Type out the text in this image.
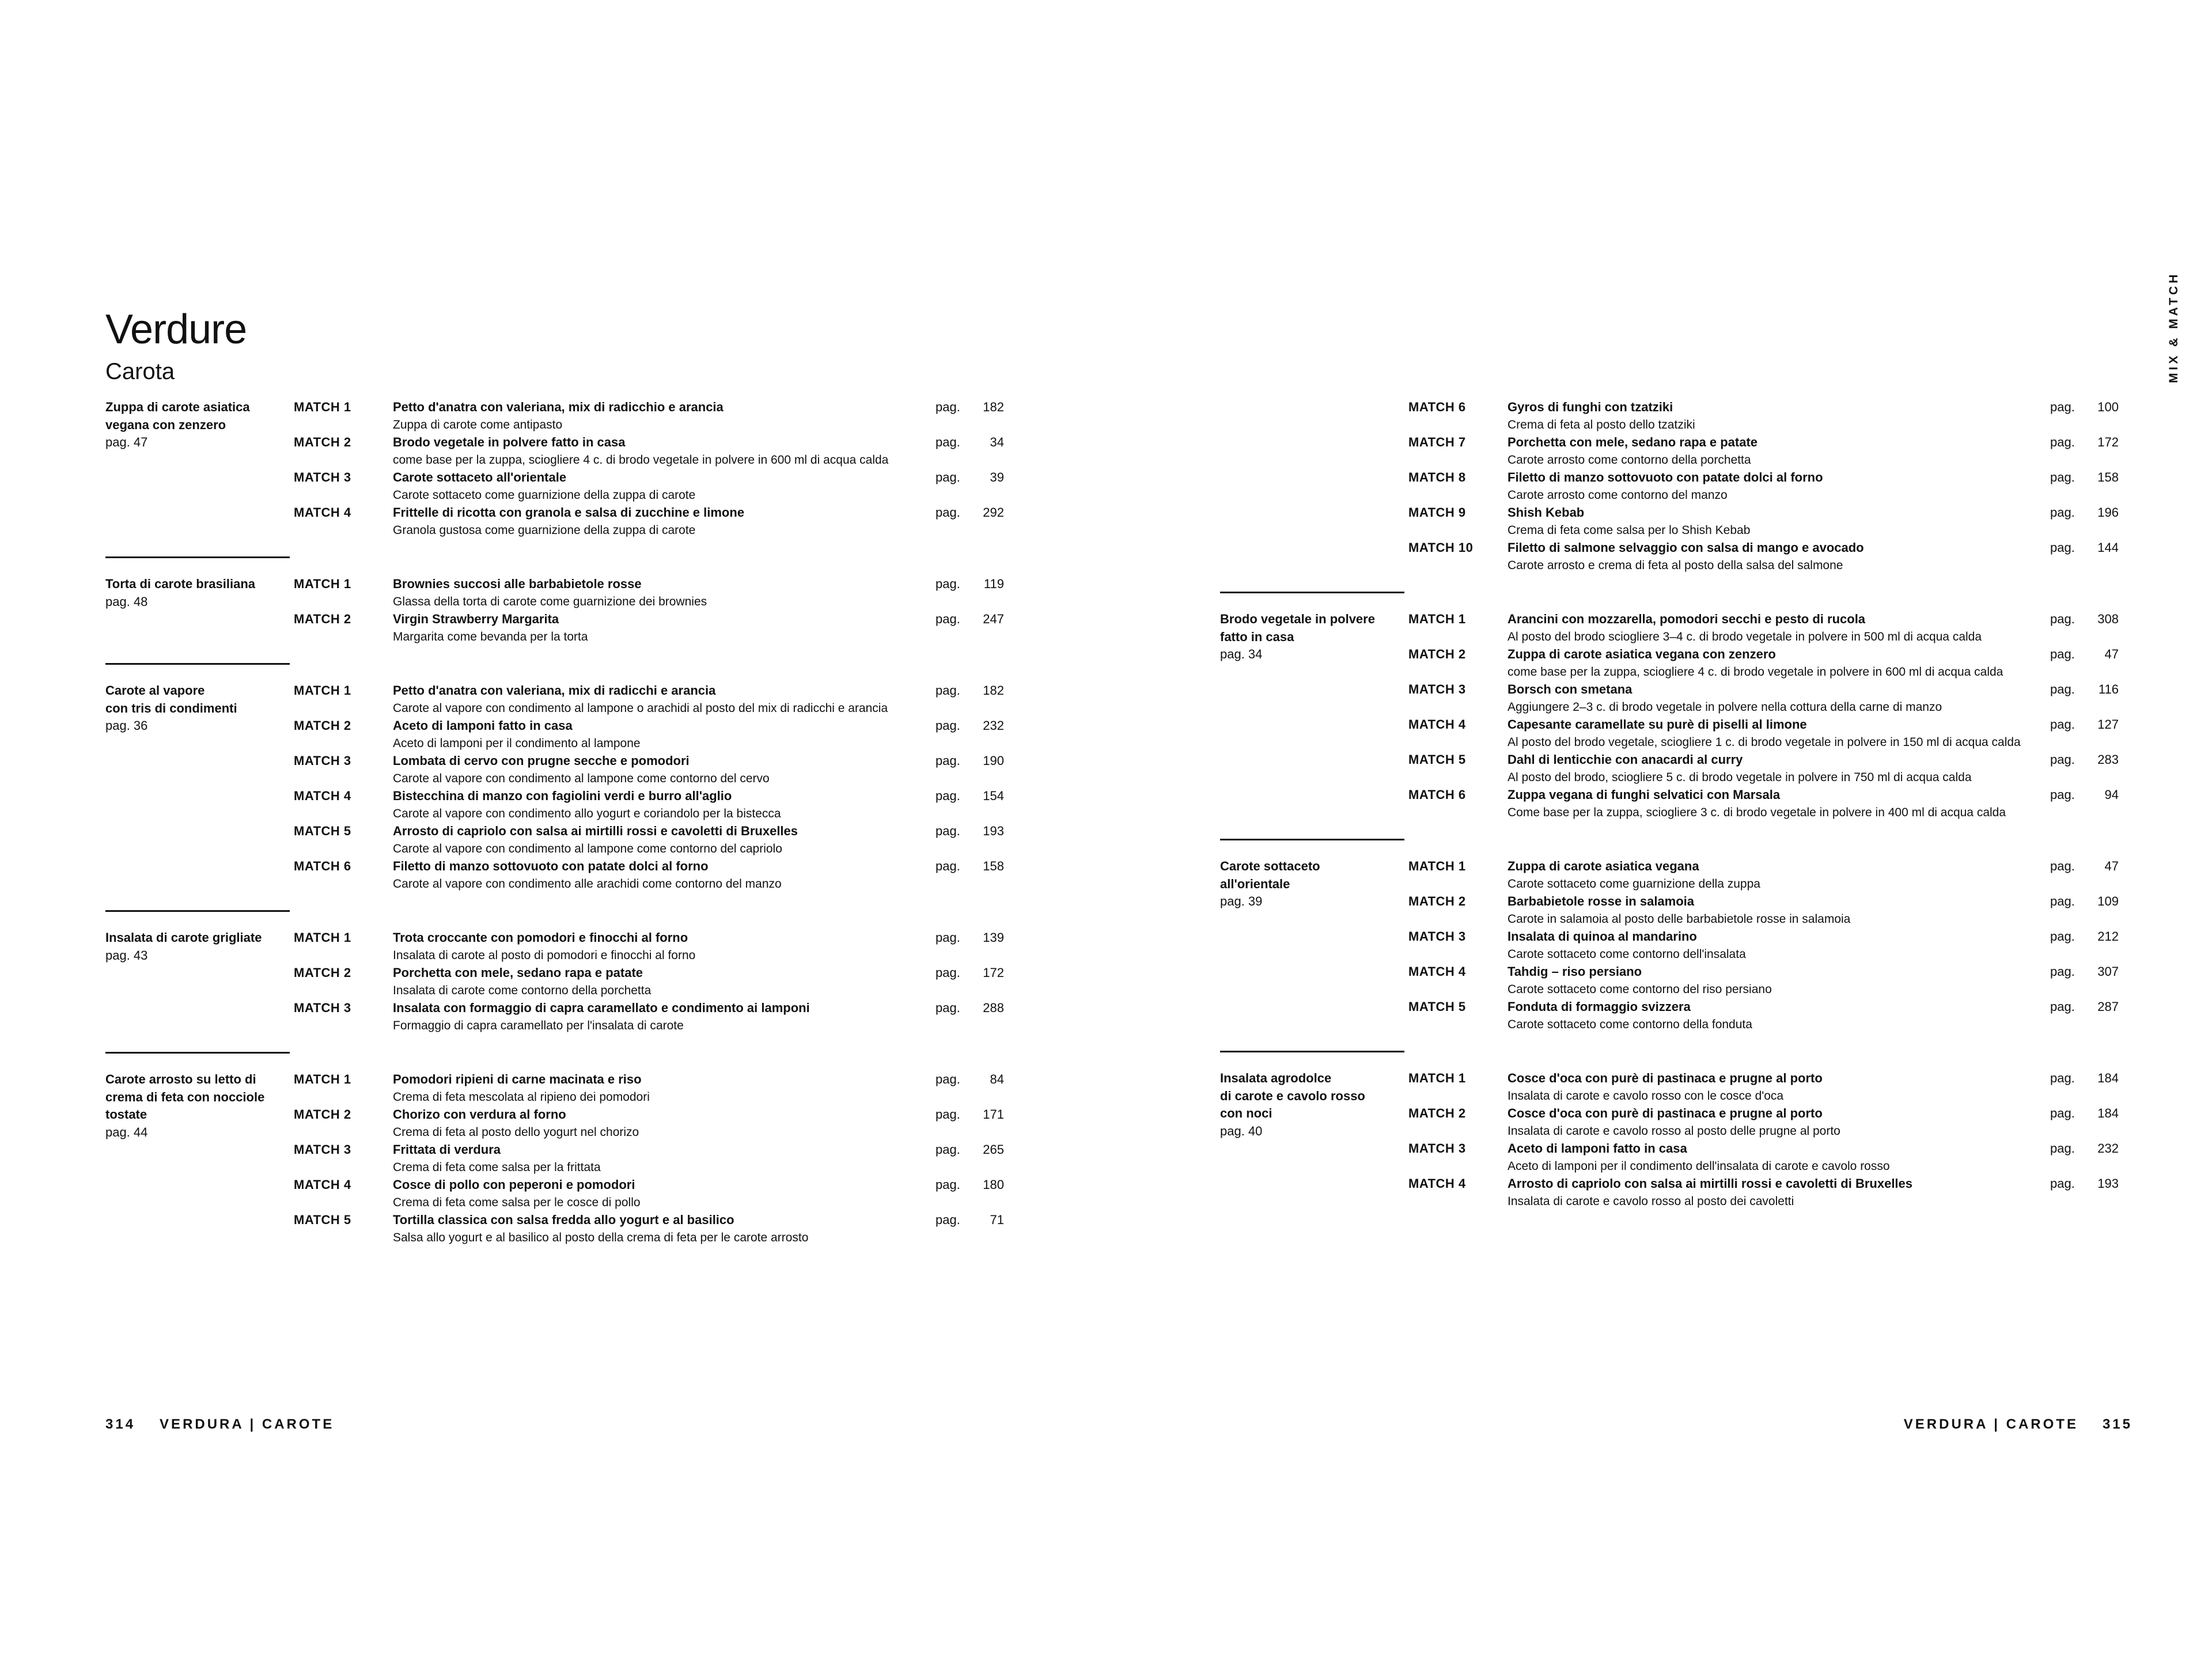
Verdure
Carota	MIX & MATCH
Zuppa di carote asiatica
vegana con zenzero
pag. 47
MATCH 1	Petto d'anatra con valeriana, mix di radicchio e arancia
Zuppa di carote come antipasto
pag.	182
MATCH 2	Brodo vegetale in polvere fatto in casa
come base per la zuppa, sciogliere 4 c. di brodo vegetale in polvere in 600 ml di acqua calda
pag.	34
MATCH 3	Carote sottaceto all'orientale
Carote sottaceto come guarnizione della zuppa di carote
pag.	39
MATCH 4	Frittelle di ricotta con granola e salsa di zucchine e limone
Granola gustosa come guarnizione della zuppa di carote
pag.	292
Torta di carote brasiliana
pag. 48
MATCH 1	Brownies succosi alle barbabietole rosse
Glassa della torta di carote come guarnizione dei brownies
pag.	119
MATCH 2	Virgin Strawberry Margarita
Margarita come bevanda per la torta
pag.	247
Carote al vapore
con tris di condimenti
pag. 36
MATCH 1	Petto d'anatra con valeriana, mix di radicchi e arancia
Carote al vapore con condimento al lampone o arachidi al posto del mix di radicchi e arancia
pag.	182
MATCH 2	Aceto di lamponi fatto in casa
Aceto di lamponi per il condimento al lampone
pag.	232
MATCH 3	Lombata di cervo con prugne secche e pomodori
Carote al vapore con condimento al lampone come contorno del cervo
pag.	190
MATCH 4	Bistecchina di manzo con fagiolini verdi e burro all'aglio
Carote al vapore con condimento allo yogurt e coriandolo per la bistecca
pag.	154
MATCH 5	Arrosto di capriolo con salsa ai mirtilli rossi e cavoletti di Bruxelles
Carote al vapore con condimento al lampone come contorno del capriolo
pag.	193
MATCH 6	Filetto di manzo sottovuoto con patate dolci al forno
Carote al vapore con condimento alle arachidi come contorno del manzo
pag.	158
Insalata di carote grigliate
pag. 43
MATCH 1	Trota croccante con pomodori e finocchi al forno
Insalata di carote al posto di pomodori e finocchi al forno
pag.	139
MATCH 2	Porchetta con mele, sedano rapa e patate
Insalata di carote come contorno della porchetta
pag.	172
MATCH 3	Insalata con formaggio di capra caramellato e condimento ai lamponi
Formaggio di capra caramellato per l'insalata di carote
pag.	288
Carote arrosto su letto di
crema di feta con nocciole
tostate
pag. 44
MATCH 1	Pomodori ripieni di carne macinata e riso
Crema di feta mescolata al ripieno dei pomodori
pag.	84
MATCH 2	Chorizo con verdura al forno
Crema di feta al posto dello yogurt nel chorizo
pag.	171
MATCH 3	Frittata di verdura
Crema di feta come salsa per la frittata
pag.	265
MATCH 4	Cosce di pollo con peperoni e pomodori
Crema di feta come salsa per le cosce di pollo
pag.	180
MATCH 5	Tortilla classica con salsa fredda allo yogurt e al basilico
Salsa allo yogurt e al basilico al posto della crema di feta per le carote arrosto
pag.	71
MATCH 6	Gyros di funghi con tzatziki
Crema di feta al posto dello tzatziki
pag.	100
MATCH 7	Porchetta con mele, sedano rapa e patate
Carote arrosto come contorno della porchetta
pag.	172
MATCH 8	Filetto di manzo sottovuoto con patate dolci al forno
Carote arrosto come contorno del manzo
pag.	158
MATCH 9	Shish Kebab
Crema di feta come salsa per lo Shish Kebab
pag.	196
MATCH 10	Filetto di salmone selvaggio con salsa di mango e avocado
Carote arrosto e crema di feta al posto della salsa del salmone
pag.	144
Brodo vegetale in polvere
fatto in casa
pag. 34
MATCH 1	Arancini con mozzarella, pomodori secchi e pesto di rucola
Al posto del brodo sciogliere 3–4 c. di brodo vegetale in polvere in 500 ml di acqua calda
pag.	308
MATCH 2	Zuppa di carote asiatica vegana con zenzero
come base per la zuppa, sciogliere 4 c. di brodo vegetale in polvere in 600 ml di acqua calda
pag.	47
MATCH 3	Borsch con smetana
Aggiungere 2–3 c. di brodo vegetale in polvere nella cottura della carne di manzo
pag.	116
MATCH 4	Capesante caramellate su purè di piselli al limone
Al posto del brodo vegetale, sciogliere 1 c. di brodo vegetale in polvere in 150 ml di acqua calda
pag.	127
MATCH 5	Dahl di lenticchie con anacardi al curry
Al posto del brodo, sciogliere 5 c. di brodo vegetale in polvere in 750 ml di acqua calda
pag.	283
MATCH 6	Zuppa vegana di funghi selvatici con Marsala
Come base per la zuppa, sciogliere 3 c. di brodo vegetale in polvere in 400 ml di acqua calda
pag.	94
Carote sottaceto
all'orientale
pag. 39
MATCH 1	Zuppa di carote asiatica vegana
Carote sottaceto come guarnizione della zuppa
pag.	47
MATCH 2	Barbabietole rosse in salamoia
Carote in salamoia al posto delle barbabietole rosse in salamoia
pag.	109
MATCH 3	Insalata di quinoa al mandarino
Carote sottaceto come contorno dell'insalata
pag.	212
MATCH 4	Tahdig – riso persiano
Carote sottaceto come contorno del riso persiano
pag.	307
MATCH 5	Fonduta di formaggio svizzera
Carote sottaceto come contorno della fonduta
pag.	287
Insalata agrodolce
di carote e cavolo rosso
con noci
pag. 40
MATCH 1	Cosce d'oca con purè di pastinaca e prugne al porto
Insalata di carote e cavolo rosso con le cosce d'oca
pag.	184
MATCH 2	Cosce d'oca con purè di pastinaca e prugne al porto
Insalata di carote e cavolo rosso al posto delle prugne al porto
pag.	184
MATCH 3	Aceto di lamponi fatto in casa
Aceto di lamponi per il condimento dell'insalata di carote e cavolo rosso
pag.	232
MATCH 4	Arrosto di capriolo con salsa ai mirtilli rossi e cavoletti di Bruxelles
Insalata di carote e cavolo rosso al posto dei cavoletti
pag.	193
314 VERDURA | CAROTE	VERDURA | CAROTE 315
